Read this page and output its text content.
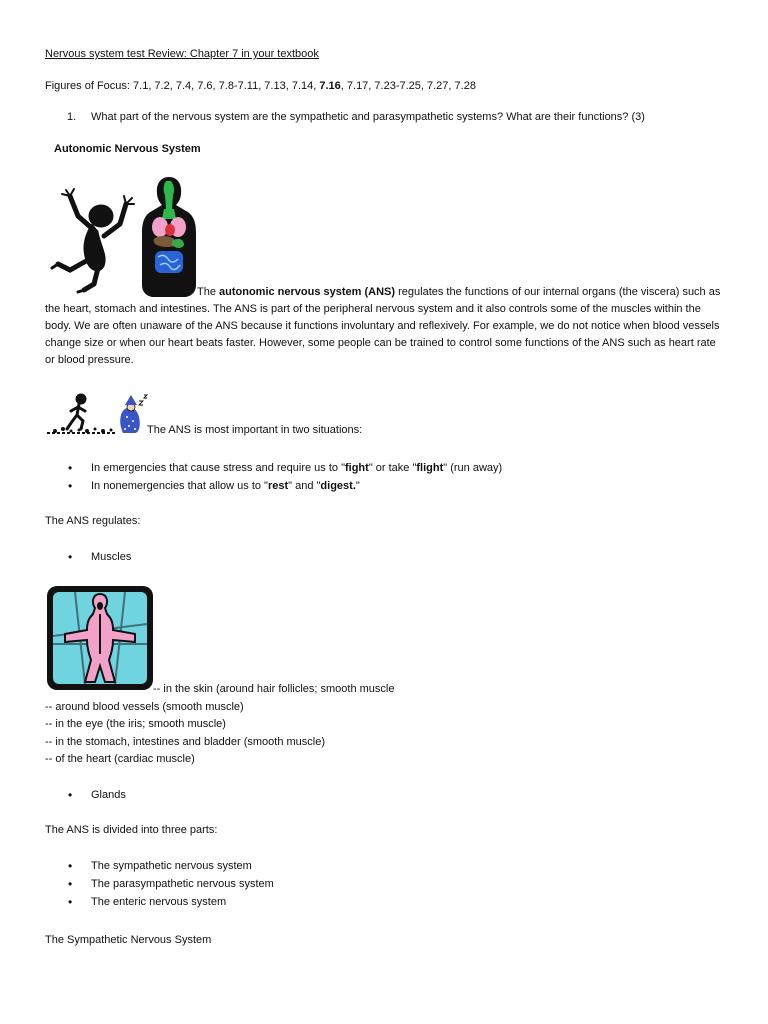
Nervous system test Review: Chapter 7 in your textbook
Figures of Focus: 7.1, 7.2, 7.4, 7.6, 7.8-7.11, 7.13, 7.14, 7.16, 7.17, 7.23-7.25, 7.27, 7.28
1. What part of the nervous system are the sympathetic and parasympathetic systems? What are their functions? (3)
Autonomic Nervous System
The autonomic nervous system (ANS) regulates the functions of our internal organs (the viscera) such as the heart, stomach and intestines. The ANS is part of the peripheral nervous system and it also controls some of the muscles within the body. We are often unaware of the ANS because it functions involuntary and reflexively. For example, we do not notice when blood vessels change size or when our heart beats faster. However, some people can be trained to control some functions of the ANS such as heart rate or blood pressure.
The ANS is most important in two situations:
• In emergencies that cause stress and require us to "fight" or take "flight" (run away)
• In nonemergencies that allow us to "rest" and "digest."
The ANS regulates:
• Muscles
-- in the skin (around hair follicles; smooth muscle
-- around blood vessels (smooth muscle)
-- in the eye (the iris; smooth muscle)
-- in the stomach, intestines and bladder (smooth muscle)
-- of the heart (cardiac muscle)
• Glands
The ANS is divided into three parts:
• The sympathetic nervous system
• The parasympathetic nervous system
• The enteric nervous system
The Sympathetic Nervous System
